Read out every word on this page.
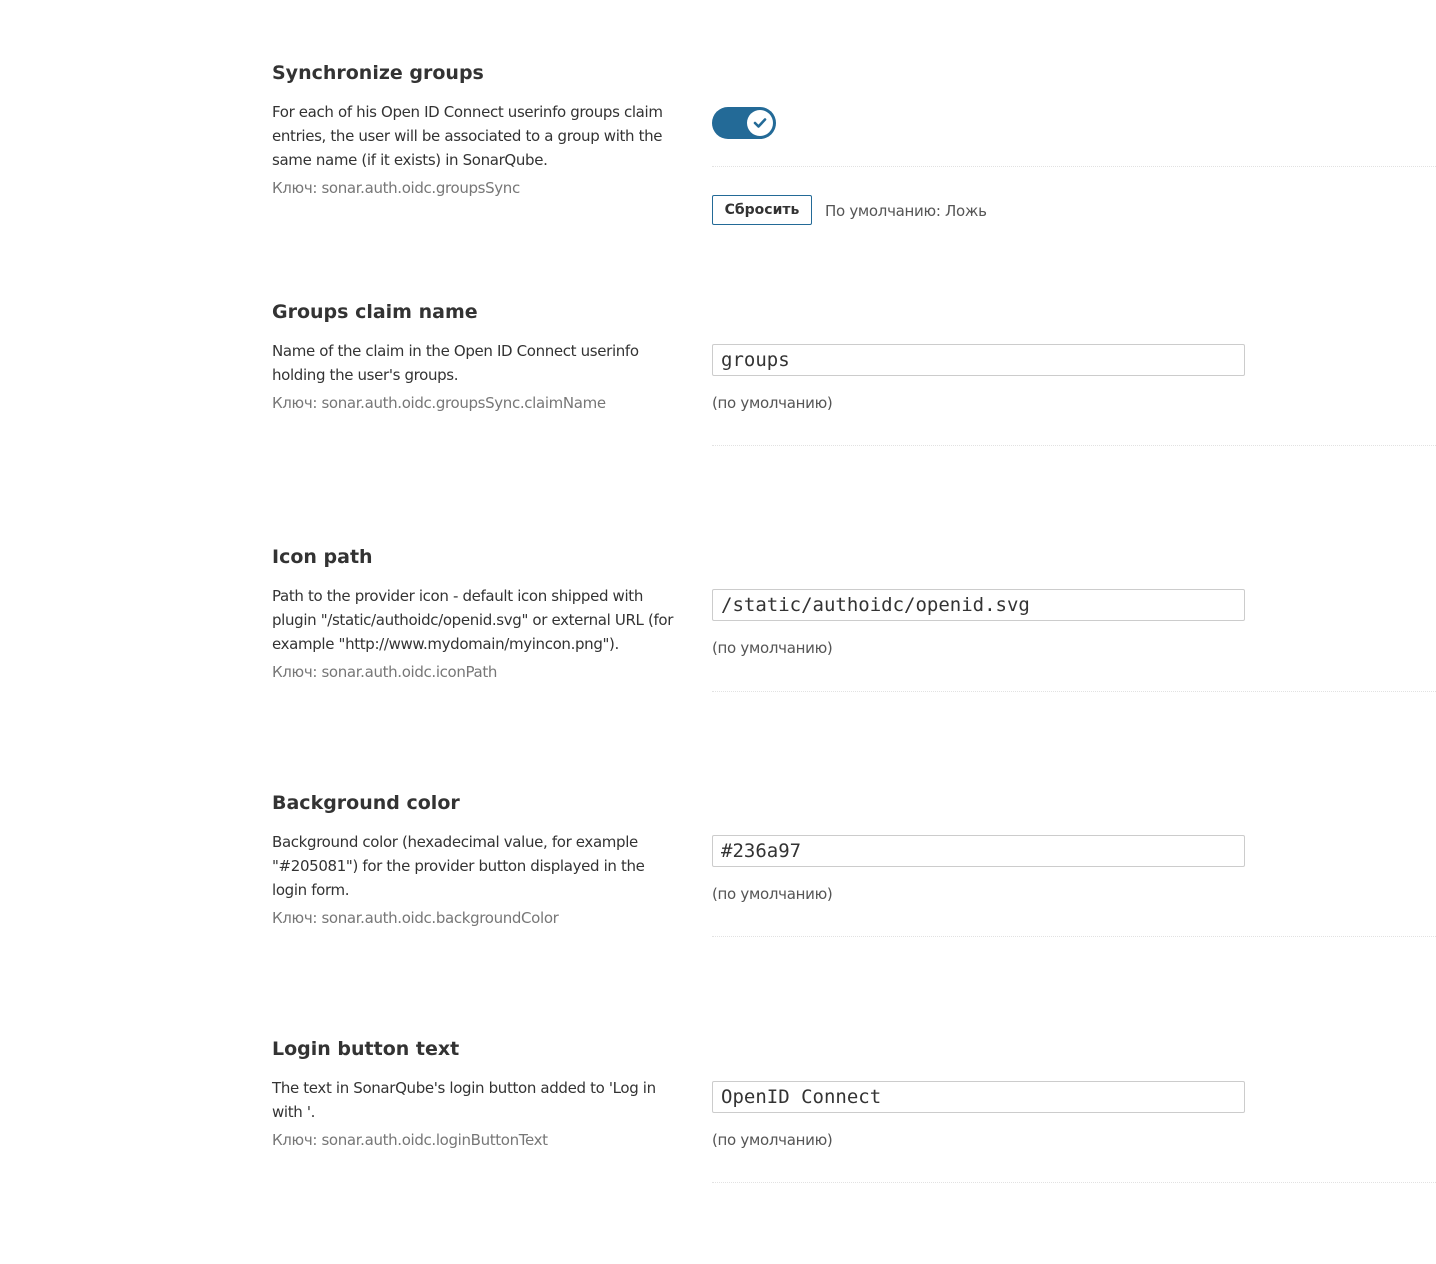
Synchronize groups
For each of his Open ID Connect userinfo groups claim entries, the user will be associated to a group with the same name (if it exists) in SonarQube.
Ключ: sonar.auth.oidc.groupsSync
Сбросить	По умолчанию: Ложь
Groups claim name
Name of the claim in the Open ID Connect userinfo holding the user's groups.
Ключ: sonar.auth.oidc.groupsSync.claimName
groups
(по умолчанию)
Icon path
Path to the provider icon - default icon shipped with plugin "/static/authoidc/openid.svg" or external URL (for example "http://www.mydomain/myincon.png").
Ключ: sonar.auth.oidc.iconPath
/static/authoidc/openid.svg
(по умолчанию)
Background color
Background color (hexadecimal value, for example "#205081") for the provider button displayed in the login form.
Ключ: sonar.auth.oidc.backgroundColor
#236a97
(по умолчанию)
Login button text
The text in SonarQube's login button added to 'Log in with '.
Ключ: sonar.auth.oidc.loginButtonText
OpenID Connect
(по умолчанию)
